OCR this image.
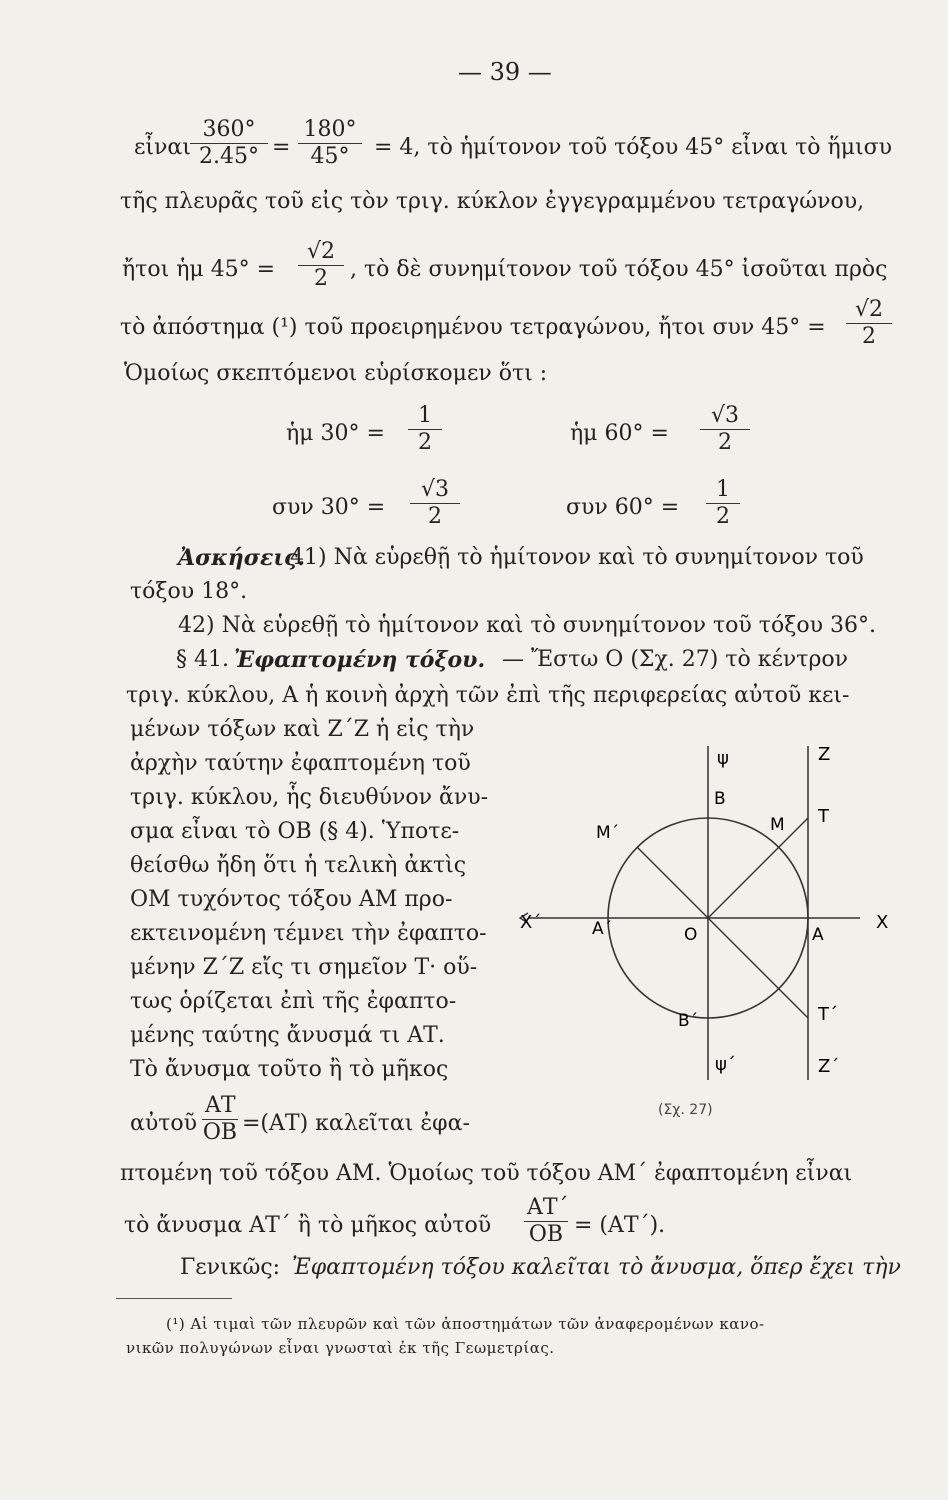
— 39 —
εἶναι $\frac{360^\circ}{2.45^\circ} = \frac{180^\circ}{45^\circ} = 4$, τὸ ἡμίτονον τοῦ τόξου 45° εἶναι τὸ ἥμισυ
τῆς πλευρᾶς τοῦ εἰς τὸν τριγ. κύκλον ἐγγεγραμμένου τετραγώνου,
ἤτοι ἡμ $45^\circ = \frac{√2}{2}$ , τὸ δὲ συνημίτονον τοῦ τόξου 45° ἰσοῦται πρὸς
τὸ ἀπόστημα (¹) τοῦ προειρημένου τετραγώνου, ἤτοι συν $45^\circ = \frac{√2}{2}$
Ὁμοίως σκεπτόμενοι εὑρίσκομεν ὅτι :
ἡμ $30^\circ = \frac{1}{2}$	ἡμ $60^\circ = \frac{√3}{2}$
συν $30^\circ = \frac{√3}{2}$	συν $60^\circ = \frac{1}{2}$
Ἀσκήσεις.
41) Νὰ εὑρεθῇ τὸ ἡμίτονον καὶ τὸ συνημίτονον τοῦ
τόξου 18°.
42) Νὰ εὑρεθῇ τὸ ἡμίτονον καὶ τὸ συνημίτονον τοῦ τόξου 36°.
§ 41. Ἐφαπτομένη τόξου. — Ἔστω Ο (Σχ. 27) τὸ κέντρον
τριγ. κύκλου, Α ἡ κοινὴ ἀρχὴ τῶν ἐπὶ τῆς περιφερείας αὐτοῦ κει-
μένων τόξων καὶ Ζ΄Ζ ἡ εἰς τὴν
ἀρχὴν ταύτην ἐφαπτομένη τοῦ
τριγ. κύκλου, ἧς διευθύνον ἄνυ-
σμα εἶναι τὸ ΟΒ (§ 4). Ὑποτε-
θείσθω ἤδη ὅτι ἡ τελικὴ ἀκτὶς
ΟΜ τυχόντος τόξου ΑΜ προ-
εκτεινομένη τέμνει τὴν ἐφαπτο-
μένην Ζ΄Ζ εἴς τι σημεῖον Τ· οὕ-
τως ὁρίζεται ἐπὶ τῆς ἐφαπτο-
μένης ταύτης ἄνυσμά τι ΑΤ.
Τὸ ἄνυσμα τοῦτο ἢ τὸ μῆκος
αὐτοῦ $\frac{AT}{OB} =(AT)$ καλεῖται ἐφα-
πτομένη τοῦ τόξου ΑΜ. Ὁμοίως τοῦ τόξου ΑΜ΄ ἐφαπτομένη εἶναι
τὸ ἄνυσμα ΑΤ΄ ἢ τὸ μῆκος αὐτοῦ $\frac{AT΄}{OB} = (AT΄)$.
Γενικῶς: Ἐφαπτομένη τόξου καλεῖται τὸ ἄνυσμα, ὅπερ ἔχει τὴν
(¹) Αἱ τιμαὶ τῶν πλευρῶν καὶ τῶν ἀποστημάτων τῶν ἀναφερομένων κανο-
νικῶν πολυγώνων εἶναι γνωσταὶ ἐκ τῆς Γεωμετρίας.
ψ	Z
B
T
M
M΄
X΄	A΄	O	A
X
B΄	T΄
ψ΄	Z΄
(Σχ. 27)
